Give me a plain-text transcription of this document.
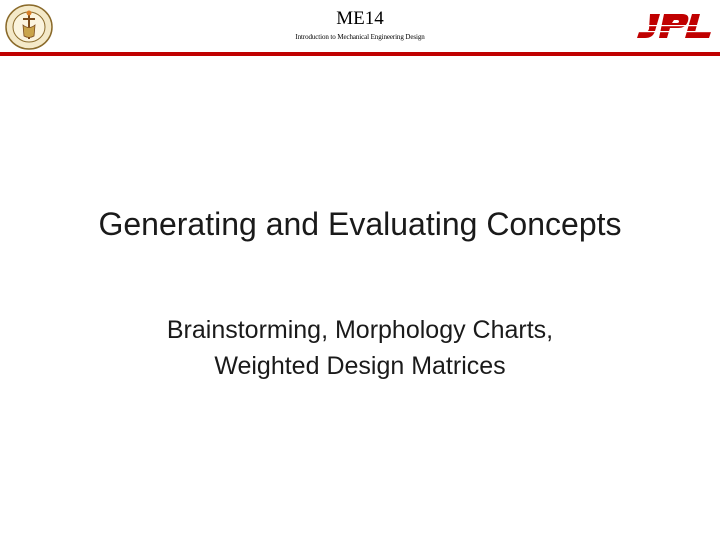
ME14
Introduction to Mechanical Engineering Design
Generating and Evaluating Concepts
Brainstorming, Morphology Charts,
Weighted Design Matrices
